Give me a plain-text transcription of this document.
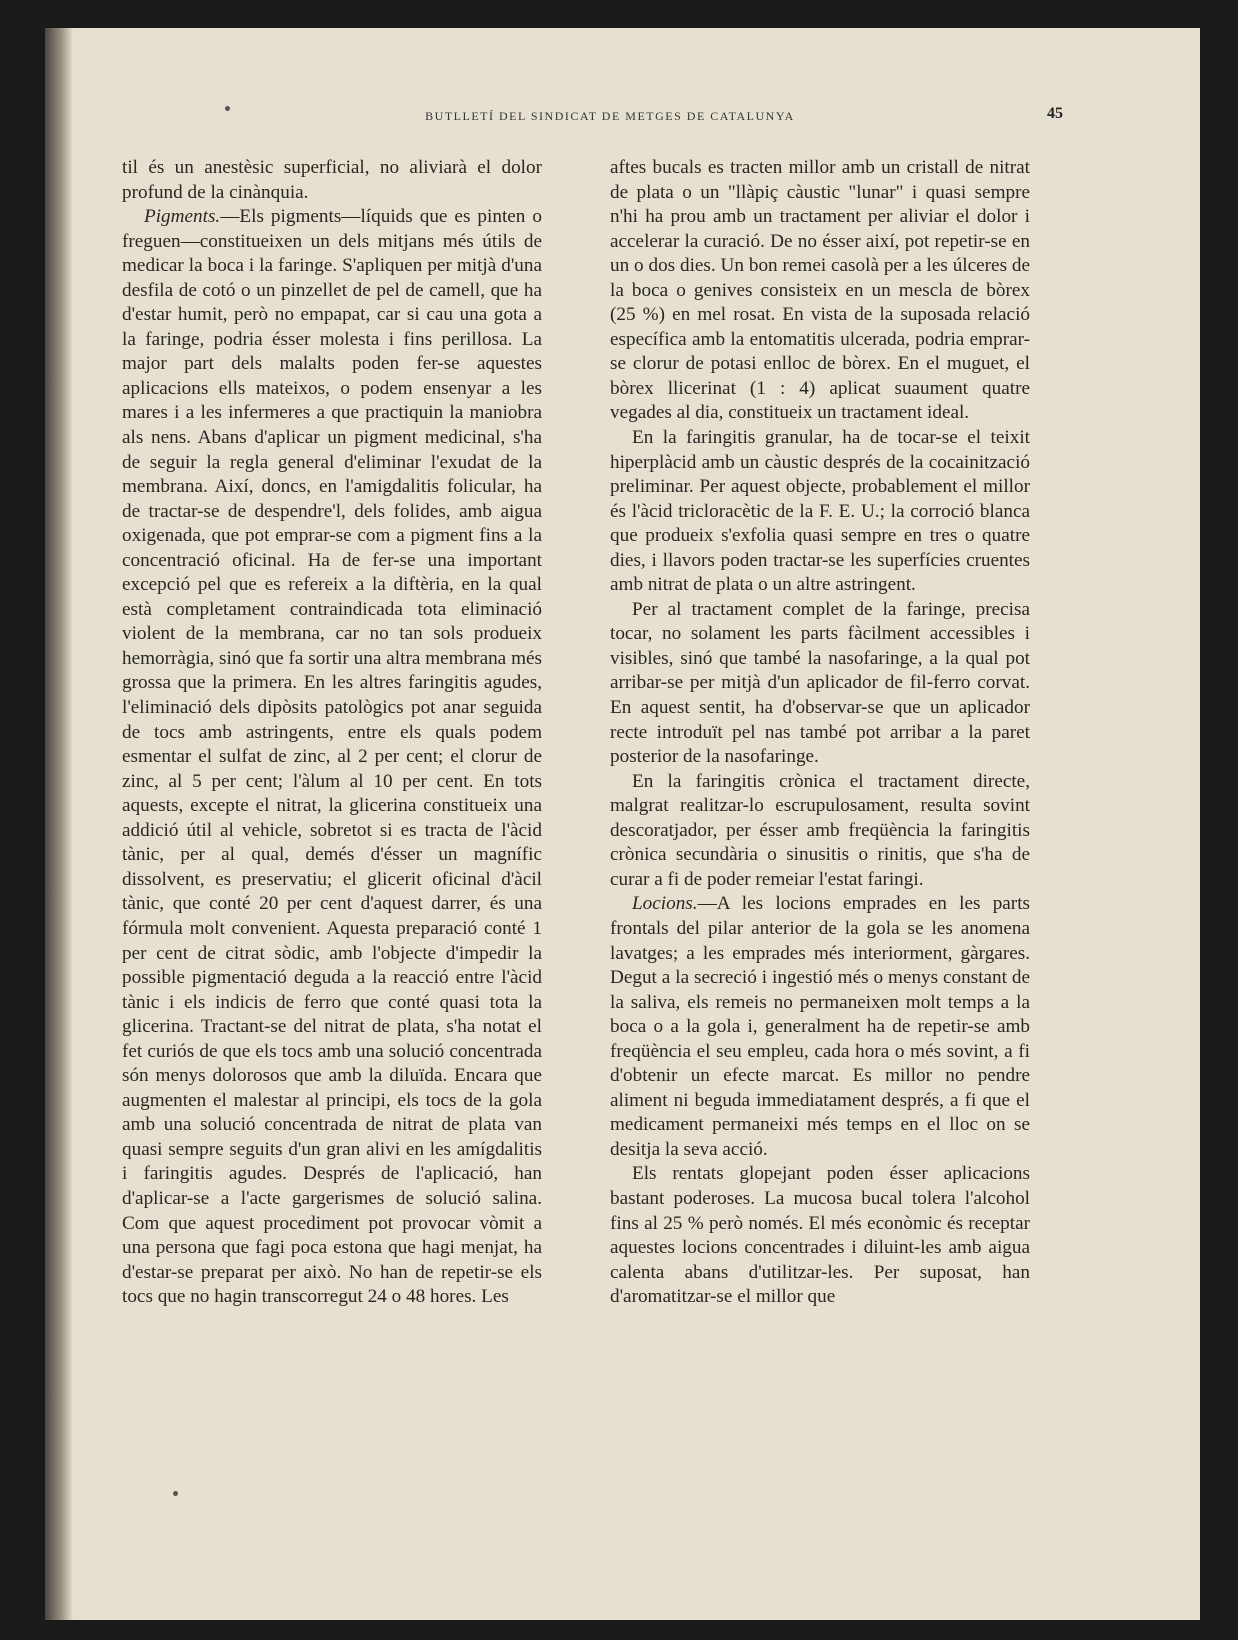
BUTLLETÍ DEL SINDICAT DE METGES DE CATALUNYA	45

til és un anestèsic superficial, no aliviarà el dolor profund de la cinànquia.

Pigments.—Els pigments—líquids que es pinten o freguen—constitueixen un dels mitjans més útils de medicar la boca i la faringe. S'apliquen per mitjà d'una desfila de cotó o un pinzellet de pel de camell, que ha d'estar humit, però no empapat, car si cau una gota a la faringe, podria ésser molesta i fins perillosa. La major part dels malalts poden fer-se aquestes aplicacions ells mateixos, o podem ensenyar a les mares i a les infermeres a que practiquin la maniobra als nens. Abans d'aplicar un pigment medicinal, s'ha de seguir la regla general d'eliminar l'exudat de la membrana. Així, doncs, en l'amigdalitis folicular, ha de tractar-se de despendre'l, dels folides, amb aigua oxigenada, que pot emprar-se com a pigment fins a la concentració oficinal. Ha de fer-se una important excepció pel que es refereix a la diftèria, en la qual està completament contraindicada tota eliminació violent de la membrana, car no tan sols produeix hemorràgia, sinó que fa sortir una altra membrana més grossa que la primera. En les altres faringitis agudes, l'eliminació dels dipòsits patològics pot anar seguida de tocs amb astringents, entre els quals podem esmentar el sulfat de zinc, al 2 per cent; el clorur de zinc, al 5 per cent; l'àlum al 10 per cent. En tots aquests, excepte el nitrat, la glicerina constitueix una addició útil al vehicle, sobretot si es tracta de l'àcid tànic, per al qual, demés d'ésser un magnífic dissolvent, es preservatiu; el glicerit oficinal d'àcil tànic, que conté 20 per cent d'aquest darrer, és una fórmula molt convenient. Aquesta preparació conté 1 per cent de citrat sòdic, amb l'objecte d'impedir la possible pigmentació deguda a la reacció entre l'àcid tànic i els indicis de ferro que conté quasi tota la glicerina. Tractant-se del nitrat de plata, s'ha notat el fet curiós de que els tocs amb una solució concentrada són menys dolorosos que amb la diluïda. Encara que augmenten el malestar al principi, els tocs de la gola amb una solució concentrada de nitrat de plata van quasi sempre seguits d'un gran alivi en les amígdalitis i faringitis agudes. Després de l'aplicació, han d'aplicar-se a l'acte gargerismes de solució salina. Com que aquest procediment pot provocar vòmit a una persona que fagi poca estona que hagi menjat, ha d'estar-se preparat per això. No han de repetir-se els tocs que no hagin transcorregut 24 o 48 hores. Les

aftes bucals es tracten millor amb un cristall de nitrat de plata o un "llàpiç càustic "lunar" i quasi sempre n'hi ha prou amb un tractament per aliviar el dolor i accelerar la curació. De no ésser així, pot repetir-se en un o dos dies. Un bon remei casolà per a les úlceres de la boca o genives consisteix en un mescla de bòrex (25 %) en mel rosat. En vista de la suposada relació específica amb la entomatitis ulcerada, podria emprar-se clorur de potasi enlloc de bòrex. En el muguet, el bòrex llicerinat (1 : 4) aplicat suaument quatre vegades al dia, constitueix un tractament ideal.

En la faringitis granular, ha de tocar-se el teixit hiperplàcid amb un càustic després de la cocainització preliminar. Per aquest objecte, probablement el millor és l'àcid tricloracètic de la F. E. U.; la corroció blanca que produeix s'exfolia quasi sempre en tres o quatre dies, i llavors poden tractar-se les superfícies cruentes amb nitrat de plata o un altre astringent.

Per al tractament complet de la faringe, precisa tocar, no solament les parts fàcilment accessibles i visibles, sinó que també la nasofaringe, a la qual pot arribar-se per mitjà d'un aplicador de fil-ferro corvat. En aquest sentit, ha d'observar-se que un aplicador recte introduït pel nas també pot arribar a la paret posterior de la nasofaringe.

En la faringitis crònica el tractament directe, malgrat realitzar-lo escrupulosament, resulta sovint descoratjador, per ésser amb freqüència la faringitis crònica secundària o sinusitis o rinitis, que s'ha de curar a fi de poder remeiar l'estat faringi.

Locions.—A les locions emprades en les parts frontals del pilar anterior de la gola se les anomena lavatges; a les emprades més interiorment, gàrgares. Degut a la secreció i ingestió més o menys constant de la saliva, els remeis no permaneixen molt temps a la boca o a la gola i, generalment ha de repetir-se amb freqüència el seu empleu, cada hora o més sovint, a fi d'obtenir un efecte marcat. Es millor no pendre aliment ni beguda immediatament després, a fi que el medicament permaneixi més temps en el lloc on se desitja la seva acció.

Els rentats glopejant poden ésser aplicacions bastant poderoses. La mucosa bucal tolera l'alcohol fins al 25 % però només. El més econòmic és receptar aquestes locions concentrades i diluint-les amb aigua calenta abans d'utilitzar-les. Per suposat, han d'aromatitzar-se el millor que
